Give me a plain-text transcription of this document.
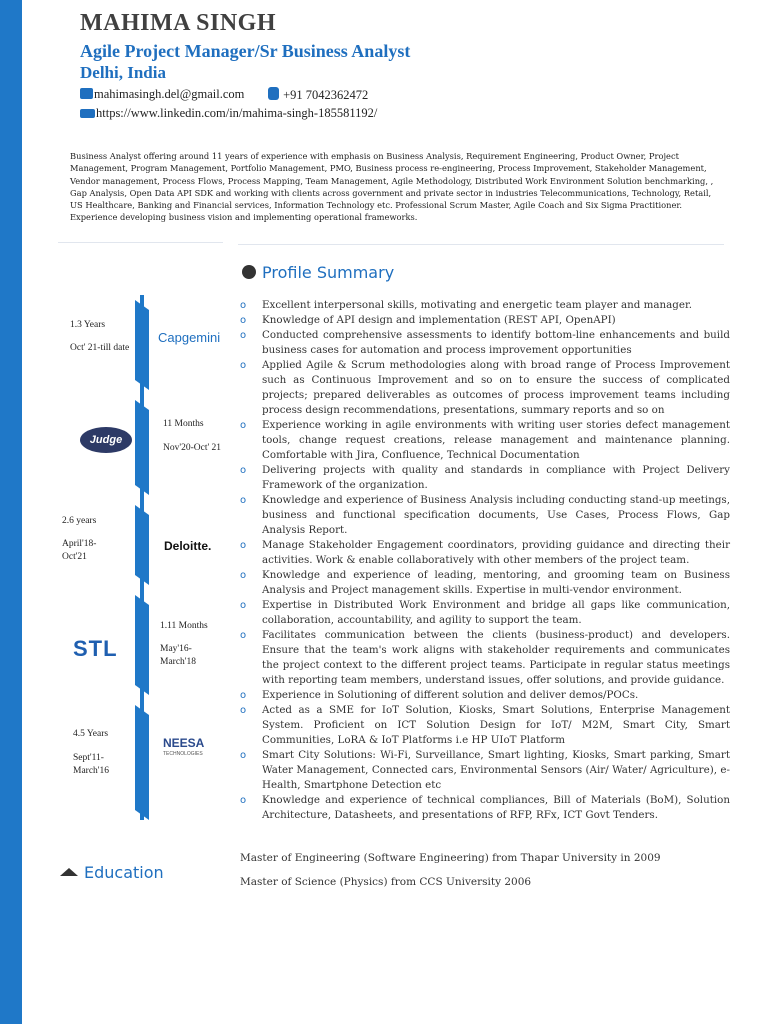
MAHIMA SINGH
Agile Project Manager/Sr Business Analyst
Delhi, India
mahimasingh.del@gmail.com	+91 7042362472
https://www.linkedin.com/in/mahima-singh-185581192/
Business Analyst offering around 11 years of experience with emphasis on Business Analysis, Requirement Engineering, Product Owner, Project Management, Program Management, Portfolio Management, PMO, Business process re-engineering, Process Improvement, Stakeholder Management, Vendor management, Process Flows, Process Mapping, Team Management, Agile Methodology, Distributed Work Environment Solution benchmarking, , Gap Analysis, Open Data API SDK and working with clients across government and private sector in industries Telecommunications, Technology, Retail, US Healthcare, Banking and Financial services, Information Technology etc. Professional Scrum Master, Agile Coach and Six Sigma Practitioner. Experience developing business vision and implementing operational frameworks.
Profile Summary
o Excellent interpersonal skills, motivating and energetic team player and manager.
o Knowledge of API design and implementation (REST API, OpenAPI)
o Conducted comprehensive assessments to identify bottom-line enhancements and build business cases for automation and process improvement opportunities
o Applied Agile & Scrum methodologies along with broad range of Process Improvement such as Continuous Improvement and so on to ensure the success of complicated projects; prepared deliverables as outcomes of process improvement teams including process design recommendations, presentations, summary reports and so on
o Experience working in agile environments with writing user stories defect management tools, change request creations, release management and maintenance planning. Comfortable with Jira, Confluence, Technical Documentation
o Delivering projects with quality and standards in compliance with Project Delivery Framework of the organization.
o Knowledge and experience of Business Analysis including conducting stand-up meetings, business and functional specification documents, Use Cases, Process Flows, Gap Analysis Report.
o Manage Stakeholder Engagement coordinators, providing guidance and directing their activities. Work & enable collaboratively with other members of the project team.
o Knowledge and experience of leading, mentoring, and grooming team on Business Analysis and Project management skills. Expertise in multi-vendor environment.
o Expertise in Distributed Work Environment and bridge all gaps like communication, collaboration, accountability, and agility to support the team.
o Facilitates communication between the clients (business-product) and developers. Ensure that the team's work aligns with stakeholder requirements and communicates the project context to the different project teams. Participate in regular status meetings with reporting team members, understand issues, offer solutions, and provide guidance.
o Experience in Solutioning of different solution and deliver demos/POCs.
o Acted as a SME for IoT Solution, Kiosks, Smart Solutions, Enterprise Management System. Proficient on ICT Solution Design for IoT/ M2M, Smart City, Smart Communities, LoRA & IoT Platforms i.e HP UIoT Platform
o Smart City Solutions: Wi-Fi, Surveillance, Smart lighting, Kiosks, Smart parking, Smart Water Management, Connected cars, Environmental Sensors (Air/ Water/ Agriculture), e-Health, Smartphone Detection etc
o Knowledge and experience of technical compliances, Bill of Materials (BoM), Solution Architecture, Datasheets, and presentations of RFP, RFx, ICT Govt Tenders.
1.3 Years
Oct' 21-till date
Capgemini
11 Months
Nov'20-Oct' 21
Judge
2.6 years
April'18-Oct'21
Deloitte.
1.11 Months
May'16-March'18
STL
4.5 Years
Sept'11-March'16
NEESA
TECHNOLOGIES
Education
Master of Engineering (Software Engineering) from Thapar University in 2009
Master of Science (Physics) from CCS University 2006
